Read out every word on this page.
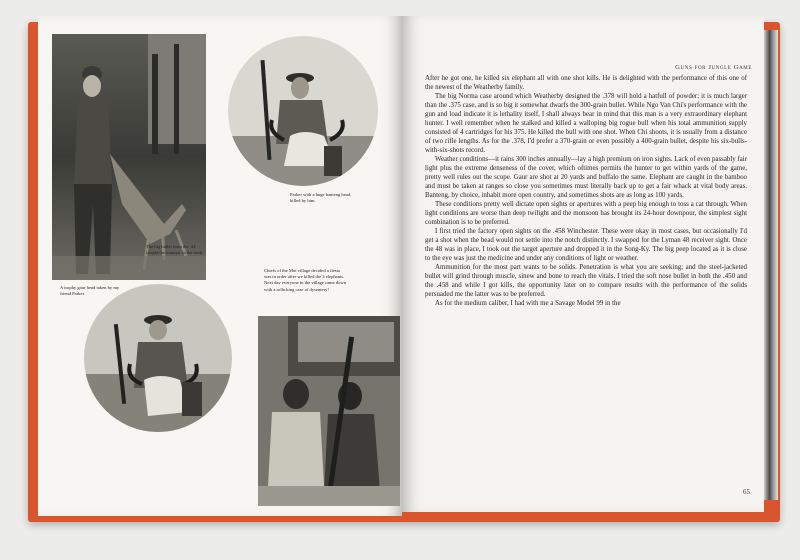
The big bullet from the .44 caught the muntjac in the neck.
Parker with a huge banteng head, killed by him.
A trophy gaur head taken by my friend Parker.
Chiefs of the Moi village decided a fiesta was in order after we killed the 3 elephants. Next day everyone in the village came down with a rollicking case of dysentery!
Guns for Jungle Game

After he got one, he killed six elephant all with one shot kills. He is delighted with the performance of this one of the newest of the Weatherby family.

The big Norma case around which Weatherby designed the .378 will hold a hatfull of powder; it is much larger than the .375 case, and is so big it somewhat dwarfs the 300-grain bullet. While Ngo Van Chi's performance with the gun and load indicate it is lethality itself, I shall always bear in mind that this man is a very extraordinary elephant hunter. I well remember when he stalked and killed a walloping big rogue bull when his total ammunition supply consisted of 4 cartridges for his 375. He killed the bull with one shot. When Chi shoots, it is usually from a distance of two rifle lengths. As for the .378, I'd prefer a 370-grain or even possibly a 400-grain bullet, despite his six-bulls-with-six-shots record.

Weather conditions—it rains 300 inches annually—lay a high premium on iron sights. Lack of even passably fair light plus the extreme denseness of the cover, which oftimes permits the hunter to get within yards of the game, pretty well rules out the scope. Gaur are shot at 20 yards and buffalo the same. Elephant are caught in the bamboo and must be taken at ranges so close you sometimes must literally back up to get a fair whack at vital body areas. Banteng, by choice, inhabit more open country, and sometimes shots are as long as 100 yards.

These conditions pretty well dictate open sights or apertures with a peep big enough to toss a cat through. When light conditions are worse than deep twilight and the monsoon has brought its 24-hour downpour, the simplest sight combination is to be preferred.

I first tried the factory open sights on the .458 Winchester. These were okay in most cases, but occasionally I'd get a shot when the bead would not settle into the notch distinctly. I swapped for the Lyman 48 receiver sight. Once the 48 was in place, I took out the target aperture and dropped it in the Song-Ky. The big peep located as it is close to the eye was just the medicine and under any conditions of light or weather.

Ammunition for the most part wants to be solids. Penetration is what you are seeking; and the steel-jacketed bullet will grind through muscle, sinew and bone to reach the vitals. I tried the soft nose bullet in both the .450 and the .458 and while I got kills, the opportunity later on to compare results with the performance of the solids persuaded me the latter was to be preferred.

As for the medium caliber, I had with me a Savage Model 99 in the

65
